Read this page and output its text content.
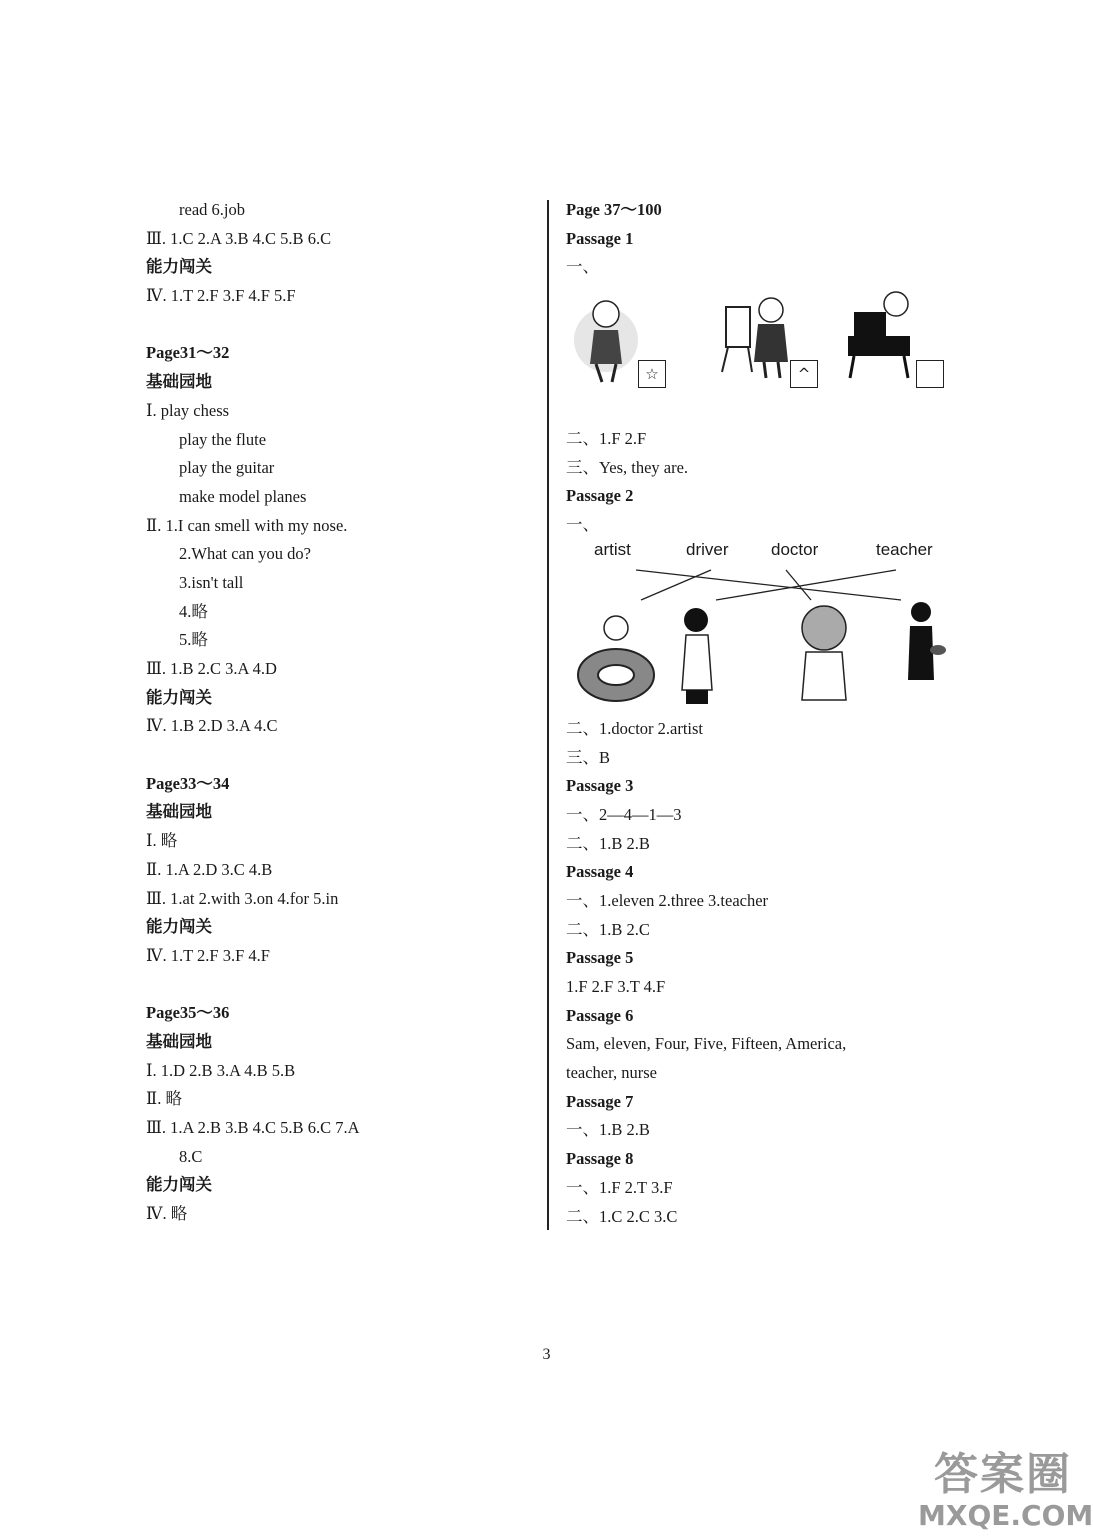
read 6.job
Ⅲ. 1.C 2.A 3.B 4.C 5.B 6.C
能力闯关
Ⅳ. 1.T 2.F 3.F 4.F 5.F
Page31～32
基础园地
Ⅰ. play chess
play the flute
play the guitar
make model planes
Ⅱ. 1.I can smell with my nose.
2.What can you do?
3.isn't tall
4.略
5.略
Ⅲ. 1.B 2.C 3.A 4.D
能力闯关
Ⅳ. 1.B 2.D 3.A 4.C
Page33～34
基础园地
Ⅰ. 略
Ⅱ. 1.A 2.D 3.C 4.B
Ⅲ. 1.at 2.with 3.on 4.for 5.in
能力闯关
Ⅳ. 1.T 2.F 3.F 4.F
Page35～36
基础园地
Ⅰ. 1.D 2.B 3.A 4.B 5.B
Ⅱ. 略
Ⅲ. 1.A 2.B 3.B 4.C 5.B 6.C 7.A
8.C
能力闯关
Ⅳ. 略
Page 37～100
Passage 1
一、
☆	^
二、1.F 2.F
三、Yes, they are.
Passage 2
一、
artist	driver doctor	teacher
二、1.doctor 2.artist
三、B
Passage 3
一、2—4—1—3
二、1.B 2.B
Passage 4
一、1.eleven 2.three 3.teacher
二、1.B 2.C
Passage 5
1.F 2.F 3.T 4.F
Passage 6
Sam, eleven, Four, Five, Fifteen, America,
teacher, nurse
Passage 7
一、1.B 2.B
Passage 8
一、1.F 2.T 3.F
二、1.C 2.C 3.C
3
答案圈
MXQE.COM
